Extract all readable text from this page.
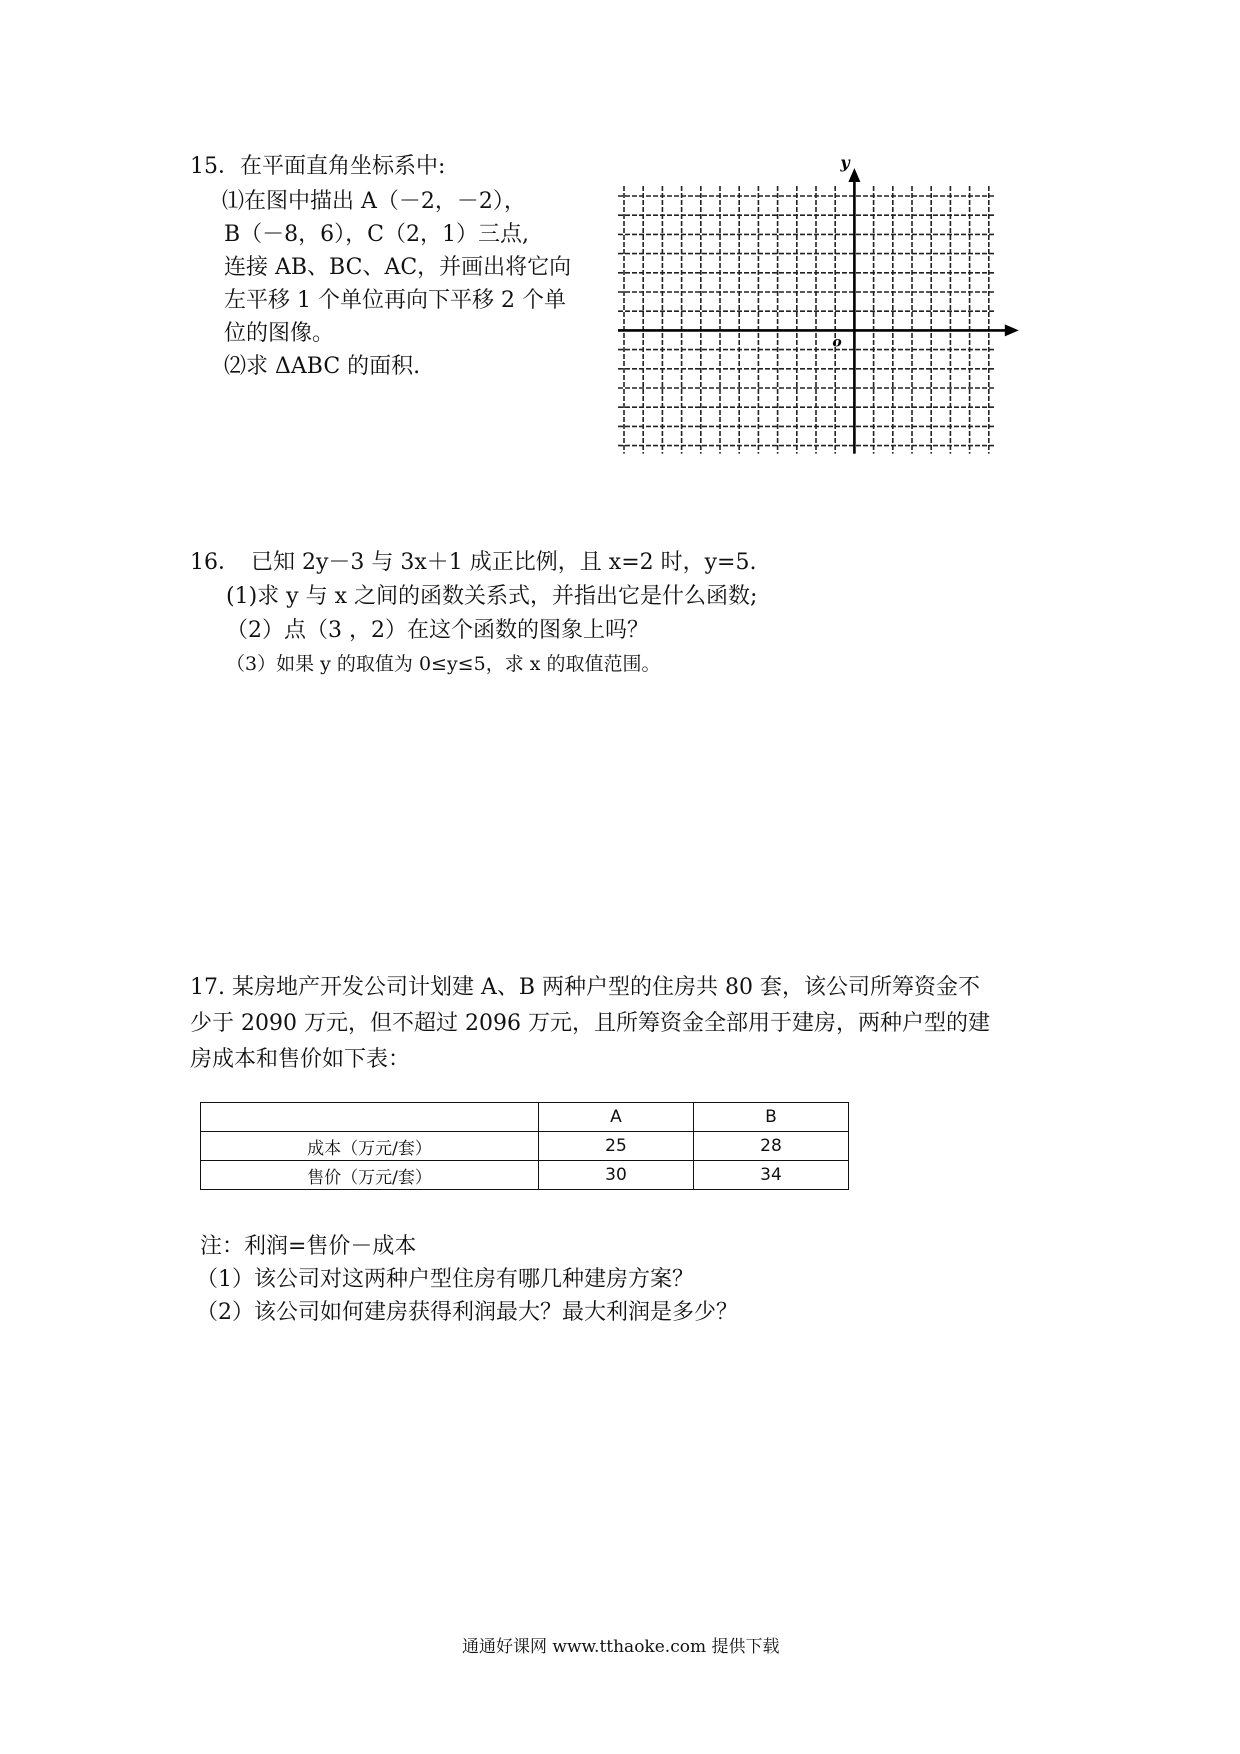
15．在平面直角坐标系中:
⑴在图中描出 A（－2，－2），
B（－8，6），C（2，1）三点,
连接 AB、BC、AC，并画出将它向
左平移 1 个单位再向下平移 2 个单
位的图像。
⑵求 ΔABC 的面积.
y
o
16．　已知 2y－3 与 3x＋1 成正比例，且 x=2 时，y=5.
(1)求 y 与 x 之间的函数关系式，并指出它是什么函数;
（2）点（3 ，2）在这个函数的图象上吗？
（3）如果 y 的取值为 0≤y≤5，求 x 的取值范围。
17. 某房地产开发公司计划建 A、B 两种户型的住房共 80 套，该公司所筹资金不
少于 2090 万元，但不超过 2096 万元，且所筹资金全部用于建房，两种户型的建
房成本和售价如下表：
	A	B
成本（万元/套）	25	28
售价（万元/套）	30	34
注：利润=售价－成本
（1）该公司对这两种户型住房有哪几种建房方案？
（2）该公司如何建房获得利润最大？最大利润是多少？
通通好课网 www.tthaoke.com 提供下载
